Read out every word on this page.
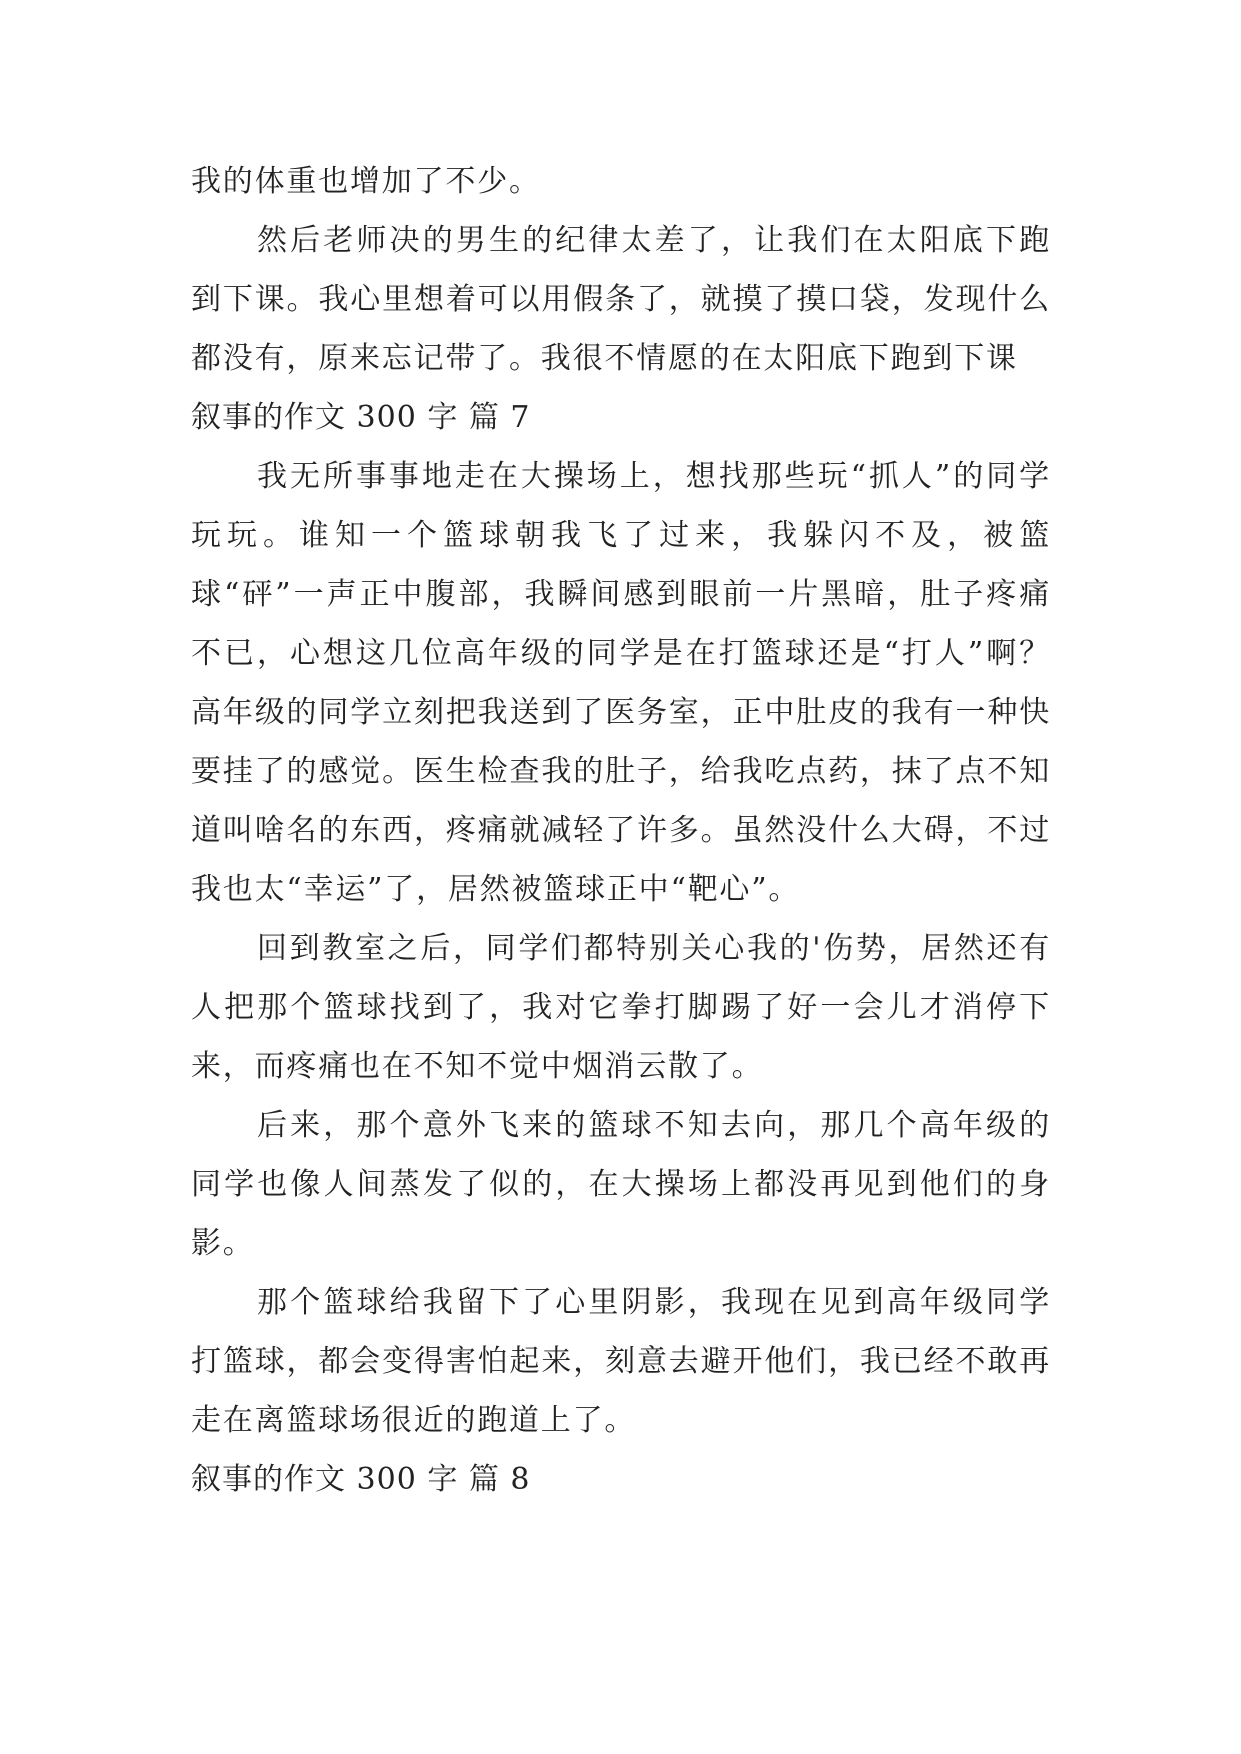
我的体重也增加了不少。

然后老师决的男生的纪律太差了，让我们在太阳底下跑到下课。我心里想着可以用假条了，就摸了摸口袋，发现什么都没有，原来忘记带了。我很不情愿的在太阳底下跑到下课

叙事的作文 300 字 篇 7

我无所事事地走在大操场上，想找那些玩“抓人”的同学玩玩。谁知一个篮球朝我飞了过来，我躲闪不及，被篮球“砰”一声正中腹部，我瞬间感到眼前一片黑暗，肚子疼痛不已，心想这几位高年级的同学是在打篮球还是“打人”啊？高年级的同学立刻把我送到了医务室，正中肚皮的我有一种快要挂了的感觉。医生检查我的肚子，给我吃点药，抹了点不知道叫啥名的东西，疼痛就减轻了许多。虽然没什么大碍，不过我也太“幸运”了，居然被篮球正中“靶心”。

回到教室之后，同学们都特别关心我的'伤势，居然还有人把那个篮球找到了，我对它拳打脚踢了好一会儿才消停下来，而疼痛也在不知不觉中烟消云散了。

后来，那个意外飞来的篮球不知去向，那几个高年级的同学也像人间蒸发了似的，在大操场上都没再见到他们的身影。

那个篮球给我留下了心里阴影，我现在见到高年级同学打篮球，都会变得害怕起来，刻意去避开他们，我已经不敢再走在离篮球场很近的跑道上了。

叙事的作文 300 字 篇 8
